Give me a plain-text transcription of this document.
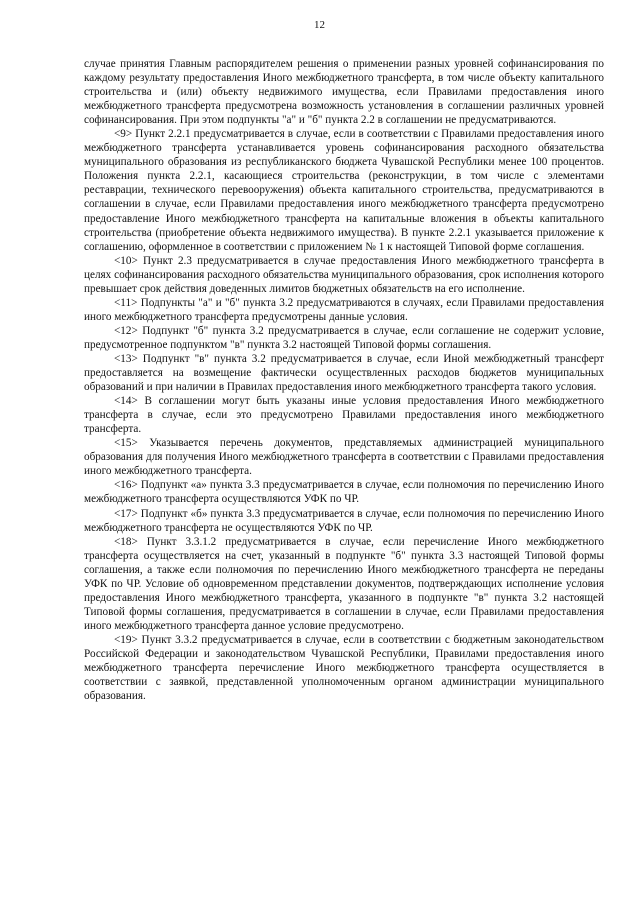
12

случае принятия Главным распорядителем решения о применении разных уровней софинансирования по каждому результату предоставления Иного межбюджетного трансферта, в том числе объекту капитального строительства и (или) объекту недвижимого имущества, если Правилами предоставления иного межбюджетного трансферта предусмотрена возможность установления в соглашении различных уровней софинансирования. При этом подпункты "а" и "б" пункта 2.2 в соглашении не предусматриваются.

<9> Пункт 2.2.1 предусматривается в случае, если в соответствии с Правилами предоставления иного межбюджетного трансферта устанавливается уровень софинансирования расходного обязательства муниципального образования из республиканского бюджета Чувашской Республики менее 100 процентов. Положения пункта 2.2.1, касающиеся строительства (реконструкции, в том числе с элементами реставрации, технического перевооружения) объекта капитального строительства, предусматриваются в соглашении в случае, если Правилами предоставления иного межбюджетного трансферта предусмотрено предоставление Иного межбюджетного трансферта на капитальные вложения в объекты капитального строительства (приобретение объекта недвижимого имущества). В пункте 2.2.1 указывается приложение к соглашению, оформленное в соответствии с приложением № 1 к настоящей Типовой форме соглашения.

<10> Пункт 2.3 предусматривается в случае предоставления Иного межбюджетного трансферта в целях софинансирования расходного обязательства муниципального образования, срок исполнения которого превышает срок действия доведенных лимитов бюджетных обязательств на его исполнение.

<11> Подпункты "а" и "б" пункта 3.2 предусматриваются в случаях, если Правилами предоставления иного межбюджетного трансферта предусмотрены данные условия.

<12> Подпункт "б" пункта 3.2 предусматривается в случае, если соглашение не содержит условие, предусмотренное подпунктом "в" пункта 3.2 настоящей Типовой формы соглашения.

<13> Подпункт "в" пункта 3.2 предусматривается в случае, если Иной межбюджетный трансферт предоставляется на возмещение фактически осуществленных расходов бюджетов муниципальных образований и при наличии в Правилах предоставления иного межбюджетного трансферта такого условия.

<14> В соглашении могут быть указаны иные условия предоставления Иного межбюджетного трансферта в случае, если это предусмотрено Правилами предоставления иного межбюджетного трансферта.

<15> Указывается перечень документов, представляемых администрацией муниципального образования для получения Иного межбюджетного трансферта в соответствии с Правилами предоставления иного межбюджетного трансферта.

<16> Подпункт «а» пункта 3.3 предусматривается в случае, если полномочия по перечислению Иного межбюджетного трансферта осуществляются УФК по ЧР.

<17> Подпункт «б» пункта 3.3 предусматривается в случае, если полномочия по перечислению Иного межбюджетного трансферта не осуществляются УФК по ЧР.

<18> Пункт 3.3.1.2 предусматривается в случае, если перечисление Иного межбюджетного трансферта осуществляется на счет, указанный в подпункте "б" пункта 3.3 настоящей Типовой формы соглашения, а также если полномочия по перечислению Иного межбюджетного трансферта не переданы УФК по ЧР. Условие об одновременном представлении документов, подтверждающих исполнение условия предоставления Иного межбюджетного трансферта, указанного в подпункте "в" пункта 3.2 настоящей Типовой формы соглашения, предусматривается в соглашении в случае, если Правилами предоставления иного межбюджетного трансферта данное условие предусмотрено.

<19> Пункт 3.3.2 предусматривается в случае, если в соответствии с бюджетным законодательством Российской Федерации и законодательством Чувашской Республики, Правилами предоставления иного межбюджетного трансферта перечисление Иного межбюджетного трансферта осуществляется в соответствии с заявкой, представленной уполномоченным органом администрации муниципального образования.
